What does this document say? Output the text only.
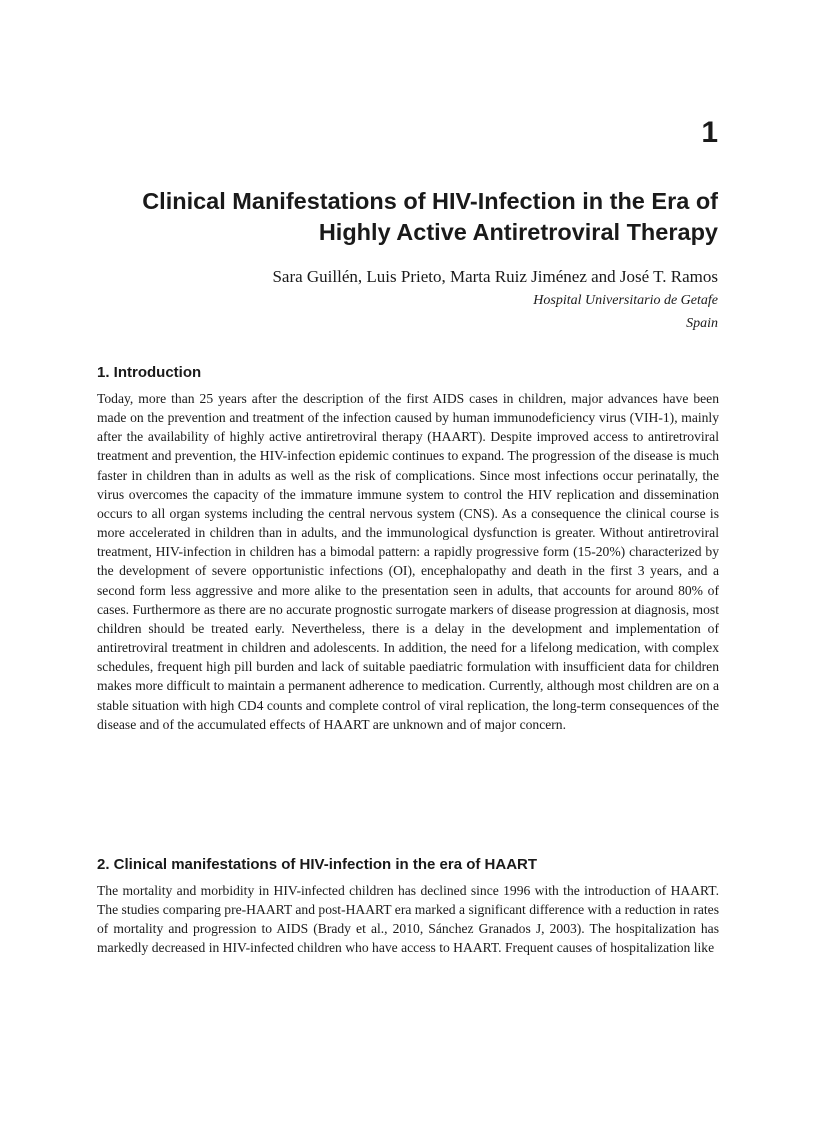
1

Clinical Manifestations of HIV-Infection in the Era of Highly Active Antiretroviral Therapy

Sara Guillén, Luis Prieto, Marta Ruiz Jiménez and José T. Ramos

Hospital Universitario de Getafe

Spain

1. Introduction

Today, more than 25 years after the description of the first AIDS cases in children, major advances have been made on the prevention and treatment of the infection caused by human immunodeficiency virus (VIH-1), mainly after the availability of highly active antiretroviral therapy (HAART). Despite improved access to antiretroviral treatment and prevention, the HIV-infection epidemic continues to expand. The progression of the disease is much faster in children than in adults as well as the risk of complications. Since most infections occur perinatally, the virus overcomes the capacity of the immature immune system to control the HIV replication and dissemination occurs to all organ systems including the central nervous system (CNS). As a consequence the clinical course is more accelerated in children than in adults, and the immunological dysfunction is greater. Without antiretroviral treatment, HIV-infection in children has a bimodal pattern: a rapidly progressive form (15-20%) characterized by the development of severe opportunistic infections (OI), encephalopathy and death in the first 3 years, and a second form less aggressive and more alike to the presentation seen in adults, that accounts for around 80% of cases. Furthermore as there are no accurate prognostic surrogate markers of disease progression at diagnosis, most children should be treated early. Nevertheless, there is a delay in the development and implementation of antiretroviral treatment in children and adolescents. In addition, the need for a lifelong medication, with complex schedules, frequent high pill burden and lack of suitable paediatric formulation with insufficient data for children makes more difficult to maintain a permanent adherence to medication. Currently, although most children are on a stable situation with high CD4 counts and complete control of viral replication, the long-term consequences of the disease and of the accumulated effects of HAART are unknown and of major concern.

2. Clinical manifestations of HIV-infection in the era of HAART

The mortality and morbidity in HIV-infected children has declined since 1996 with the introduction of HAART. The studies comparing pre-HAART and post-HAART era marked a significant difference with a reduction in rates of mortality and progression to AIDS (Brady et al., 2010, Sánchez Granados J, 2003). The hospitalization has markedly decreased in HIV-infected children who have access to HAART. Frequent causes of hospitalization like
